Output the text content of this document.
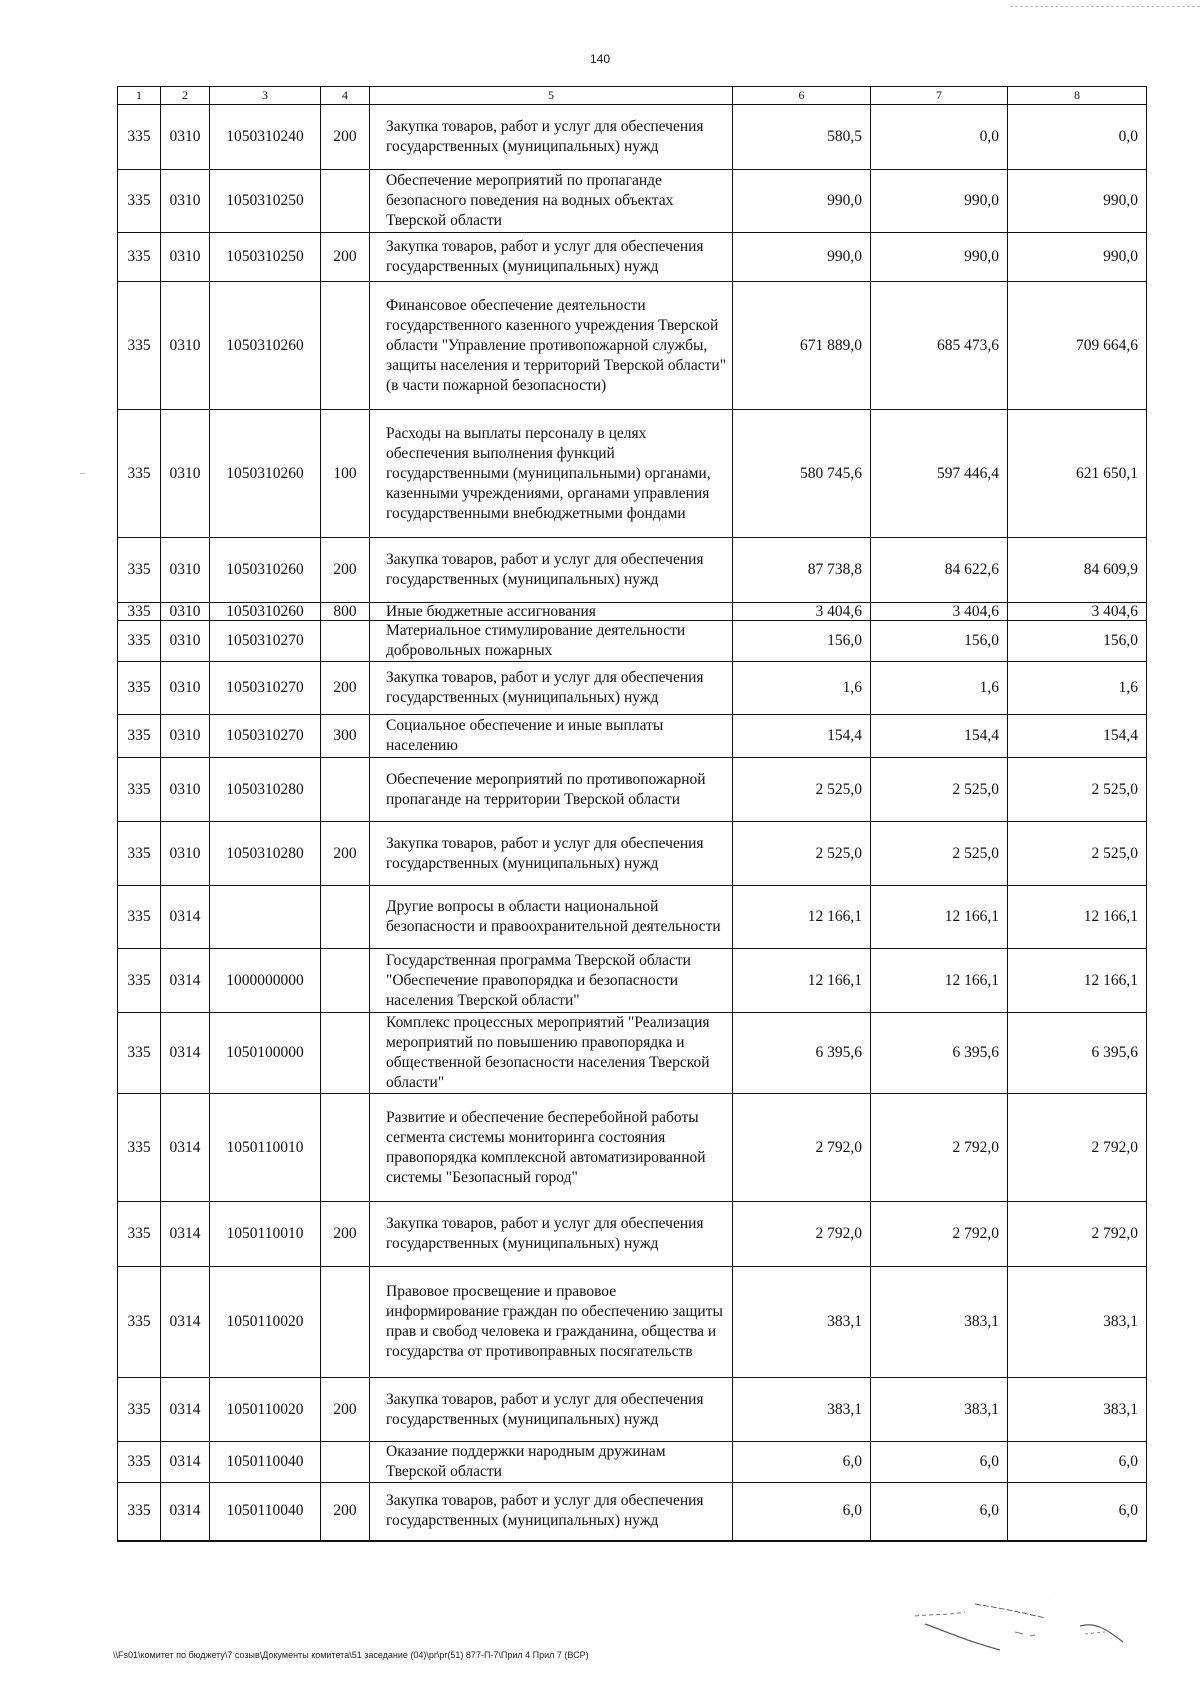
140
1	2	3	4	5	6	7	8
335	0310	1050310240	200	Закупка товаров, работ и услуг для обеспечения государственных (муниципальных) нужд	580,5	0,0	0,0
335	0310	1050310250		Обеспечение мероприятий по пропаганде безопасного поведения на водных объектах Тверской области	990,0	990,0	990,0
335	0310	1050310250	200	Закупка товаров, работ и услуг для обеспечения государственных (муниципальных) нужд	990,0	990,0	990,0
335	0310	1050310260		Финансовое обеспечение деятельности государственного казенного учреждения Тверской области "Управление противопожарной службы, защиты населения и территорий Тверской области" (в части пожарной безопасности)	671 889,0	685 473,6	709 664,6
335	0310	1050310260	100	Расходы на выплаты персоналу в целях обеспечения выполнения функций государственными (муниципальными) органами, казенными учреждениями, органами управления государственными внебюджетными фондами	580 745,6	597 446,4	621 650,1
335	0310	1050310260	200	Закупка товаров, работ и услуг для обеспечения государственных (муниципальных) нужд	87 738,8	84 622,6	84 609,9
335	0310	1050310260	800	Иные бюджетные ассигнования	3 404,6	3 404,6	3 404,6
335	0310	1050310270		Материальное стимулирование деятельности добровольных пожарных	156,0	156,0	156,0
335	0310	1050310270	200	Закупка товаров, работ и услуг для обеспечения государственных (муниципальных) нужд	1,6	1,6	1,6
335	0310	1050310270	300	Социальное обеспечение и иные выплаты населению	154,4	154,4	154,4
335	0310	1050310280		Обеспечение мероприятий по противопожарной пропаганде на территории Тверской области	2 525,0	2 525,0	2 525,0
335	0310	1050310280	200	Закупка товаров, работ и услуг для обеспечения государственных (муниципальных) нужд	2 525,0	2 525,0	2 525,0
335	0314			Другие вопросы в области национальной безопасности и правоохранительной деятельности	12 166,1	12 166,1	12 166,1
335	0314	1000000000		Государственная программа Тверской области "Обеспечение правопорядка и безопасности населения Тверской области"	12 166,1	12 166,1	12 166,1
335	0314	1050100000		Комплекс процессных мероприятий "Реализация мероприятий по повышению правопорядка и общественной безопасности населения Тверской области"	6 395,6	6 395,6	6 395,6
335	0314	1050110010		Развитие и обеспечение бесперебойной работы сегмента системы мониторинга состояния правопорядка комплексной автоматизированной системы "Безопасный город"	2 792,0	2 792,0	2 792,0
335	0314	1050110010	200	Закупка товаров, работ и услуг для обеспечения государственных (муниципальных) нужд	2 792,0	2 792,0	2 792,0
335	0314	1050110020		Правовое просвещение и правовое информирование граждан по обеспечению защиты прав и свобод человека и гражданина, общества и государства от противоправных посягательств	383,1	383,1	383,1
335	0314	1050110020	200	Закупка товаров, работ и услуг для обеспечения государственных (муниципальных) нужд	383,1	383,1	383,1
335	0314	1050110040		Оказание поддержки народным дружинам Тверской области	6,0	6,0	6,0
335	0314	1050110040	200	Закупка товаров, работ и услуг для обеспечения государственных (муниципальных) нужд	6,0	6,0	6,0
\\Fs01\комитет по бюджету\7 созыв\Документы комитета\51 заседание (04)\pr\pr(51) 877-П-7\Прил 4 Прил 7 (ВСР)
